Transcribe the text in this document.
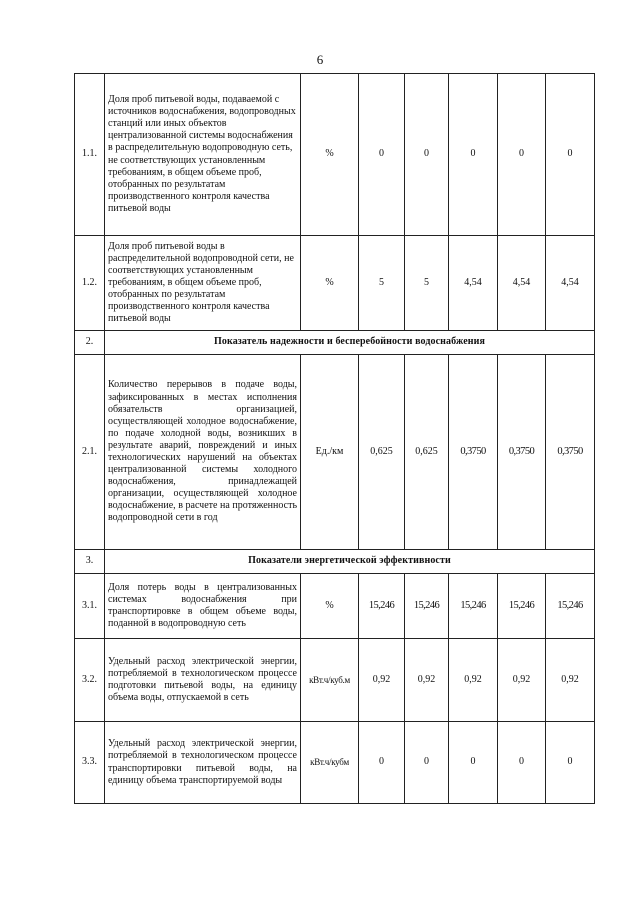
6
1.1.	Доля проб питьевой воды, подаваемой с источников водоснабжения, водопроводных станций или иных объектов централизованной системы водоснабжения в распределительную водопроводную сеть, не соответствующих установленным требованиям, в общем объеме проб, отобранных по результатам производственного контроля качества питьевой воды	%	0	0	0	0	0
1.2.	Доля проб питьевой воды в распределительной водопроводной сети, не соответствующих установленным требованиям, в общем объеме проб, отобранных по результатам производственного контроля качества питьевой воды	%	5	5	4,54	4,54	4,54
2.	Показатель надежности и бесперебойности водоснабжения						
2.1.	Количество перерывов в подаче воды, зафиксированных в местах исполнения обязательств организацией, осуществляющей холодное водоснабжение, по подаче холодной воды, возникших в результате аварий, повреждений и иных технологических нарушений на объектах централизованной системы холодного водоснабжения, принадлежащей организации, осуществляющей холодное водоснабжение, в расчете на протяженность водопроводной сети в год	Ед./км	0,625	0,625	0,3750	0,3750	0,3750
3.	Показатели энергетической эффективности						
3.1.	Доля потерь воды в централизованных системах водоснабжения при транспортировке в общем объеме воды, поданной в водопроводную сеть	%	15,246	15,246	15,246	15,246	15,246
3.2.	Удельный расход электрической энергии, потребляемой в технологическом процессе подготовки питьевой воды, на единицу объема воды, отпускаемой в сеть	кВт.ч/куб.м	0,92	0,92	0,92	0,92	0,92
3.3.	Удельный расход электрической энергии, потребляемой в технологическом процессе транспортировки питьевой воды, на единицу объема транспортируемой воды	кВт.ч/кубм	0	0	0	0	0
